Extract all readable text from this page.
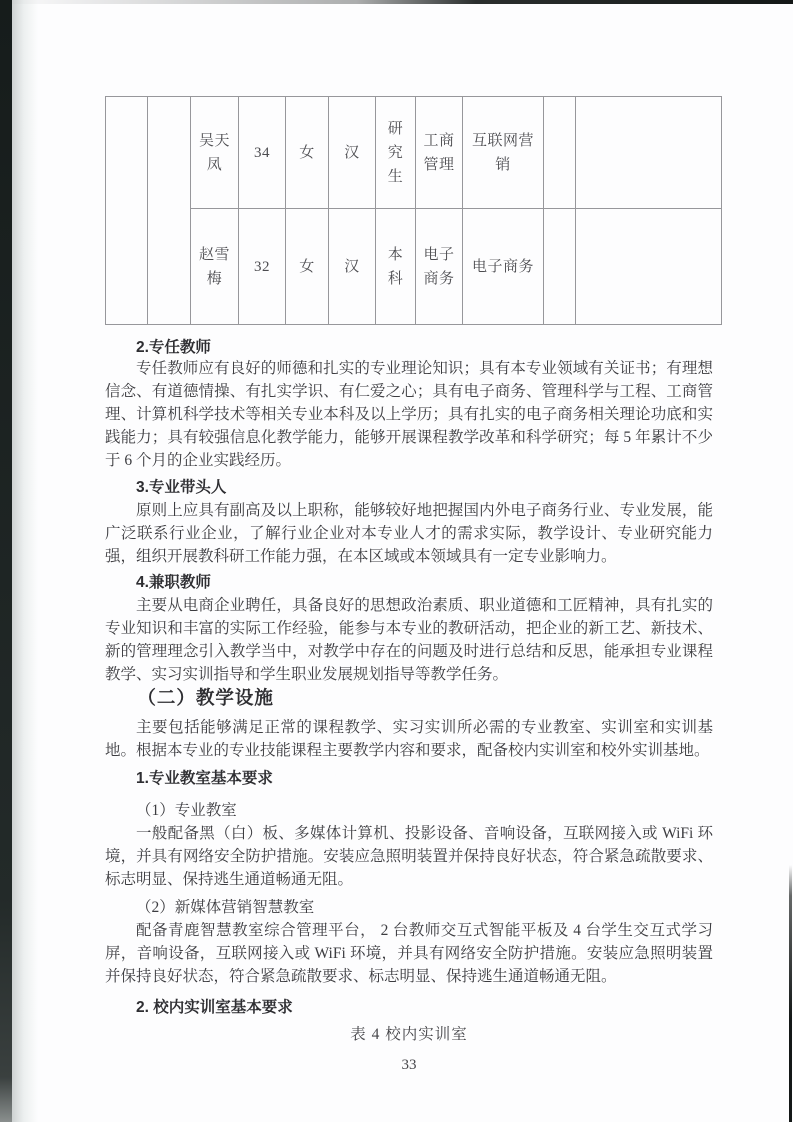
		吴天凤	34	女	汉	研究生	工商管理	互联网营销		
		赵雪梅	32	女	汉	本科	电子商务	电子商务		
2.专任教师

专任教师应有良好的师德和扎实的专业理论知识；具有本专业领域有关证书；有理想信念、有道德情操、有扎实学识、有仁爱之心；具有电子商务、管理科学与工程、工商管理、计算机科学技术等相关专业本科及以上学历；具有扎实的电子商务相关理论功底和实践能力；具有较强信息化教学能力，能够开展课程教学改革和科学研究；每 5 年累计不少于 6 个月的企业实践经历。

3.专业带头人

原则上应具有副高及以上职称，能够较好地把握国内外电子商务行业、专业发展，能广泛联系行业企业，了解行业企业对本专业人才的需求实际，教学设计、专业研究能力强，组织开展教科研工作能力强，在本区域或本领域具有一定专业影响力。

4.兼职教师

主要从电商企业聘任，具备良好的思想政治素质、职业道德和工匠精神，具有扎实的专业知识和丰富的实际工作经验，能参与本专业的教研活动，把企业的新工艺、新技术、新的管理理念引入教学当中，对教学中存在的问题及时进行总结和反思，能承担专业课程教学、实习实训指导和学生职业发展规划指导等教学任务。

（二）教学设施

主要包括能够满足正常的课程教学、实习实训所必需的专业教室、实训室和实训基地。根据本专业的专业技能课程主要教学内容和要求，配备校内实训室和校外实训基地。

1.专业教室基本要求
（1）专业教室

一般配备黑（白）板、多媒体计算机、投影设备、音响设备，互联网接入或 WiFi 环境，并具有网络安全防护措施。安装应急照明装置并保持良好状态，符合紧急疏散要求、标志明显、保持逃生通道畅通无阻。

（2）新媒体营销智慧教室

配备青鹿智慧教室综合管理平台， 2 台教师交互式智能平板及 4 台学生交互式学习屏，音响设备，互联网接入或 WiFi 环境，并具有网络安全防护措施。安装应急照明装置并保持良好状态，符合紧急疏散要求、标志明显、保持逃生通道畅通无阻。

2. 校内实训室基本要求
表 4 校内实训室
33
